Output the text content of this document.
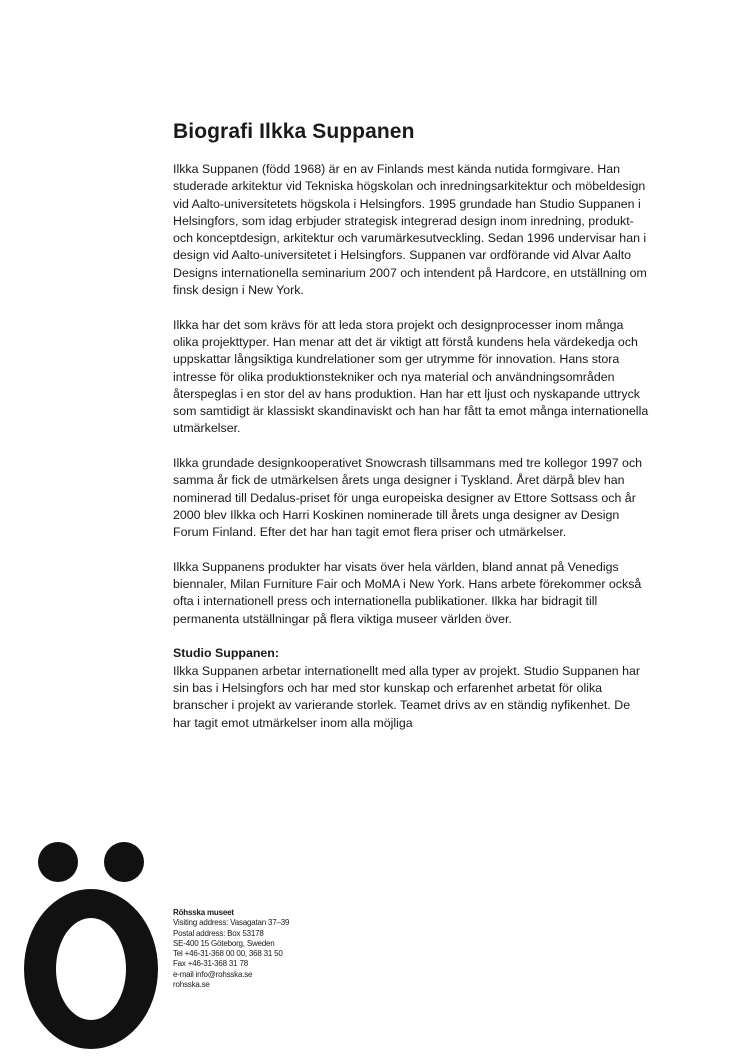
Biografi Ilkka Suppanen

Ilkka Suppanen (född 1968) är en av Finlands mest kända nutida formgivare. Han studerade arkitektur vid Tekniska högskolan och inredningsarkitektur och möbeldesign vid Aalto-universitetets högskola i Helsingfors. 1995 grundade han Studio Suppanen i Helsingfors, som idag erbjuder strategisk integrerad design inom inredning, produkt- och konceptdesign, arkitektur och varumärkesutveckling. Sedan 1996 undervisar han i design vid Aalto-universitetet i Helsingfors. Suppanen var ordförande vid Alvar Aalto Designs internationella seminarium 2007 och intendent på Hardcore, en utställning om finsk design i New York.

Ilkka har det som krävs för att leda stora projekt och designprocesser inom många olika projekttyper. Han menar att det är viktigt att förstå kundens hela värdekedja och uppskattar långsiktiga kundrelationer som ger utrymme för innovation. Hans stora intresse för olika produktionstekniker och nya material och användningsområden återspeglas i en stor del av hans produktion. Han har ett ljust och nyskapande uttryck som samtidigt är klassiskt skandinaviskt och han har fått ta emot många internationella utmärkelser.

Ilkka grundade designkooperativet Snowcrash tillsammans med tre kollegor 1997 och samma år fick de utmärkelsen årets unga designer i Tyskland. Året därpå blev han nominerad till Dedalus-priset för unga europeiska designer av Ettore Sottsass och år 2000 blev Ilkka och Harri Koskinen nominerade till årets unga designer av Design Forum Finland. Efter det har han tagit emot flera priser och utmärkelser.

Ilkka Suppanens produkter har visats över hela världen, bland annat på Venedigs biennaler, Milan Furniture Fair och MoMA i New York. Hans arbete förekommer också ofta i internationell press och internationella publikationer. Ilkka har bidragit till permanenta utställningar på flera viktiga museer världen över.

Studio Suppanen:

Ilkka Suppanen arbetar internationellt med alla typer av projekt. Studio Suppanen har sin bas i Helsingfors och har med stor kunskap och erfarenhet arbetat för olika branscher i projekt av varierande storlek. Teamet drivs av en ständig nyfikenhet. De har tagit emot utmärkelser inom alla möjliga

Röhsska museet
Visiting address: Vasagatan 37–39
Postal address: Box 53178
SE-400 15 Göteborg, Sweden
Tel +46-31-368 00 00, 368 31 50
Fax +46-31-368 31 78
e-mail info@rohsska.se
rohsska.se
